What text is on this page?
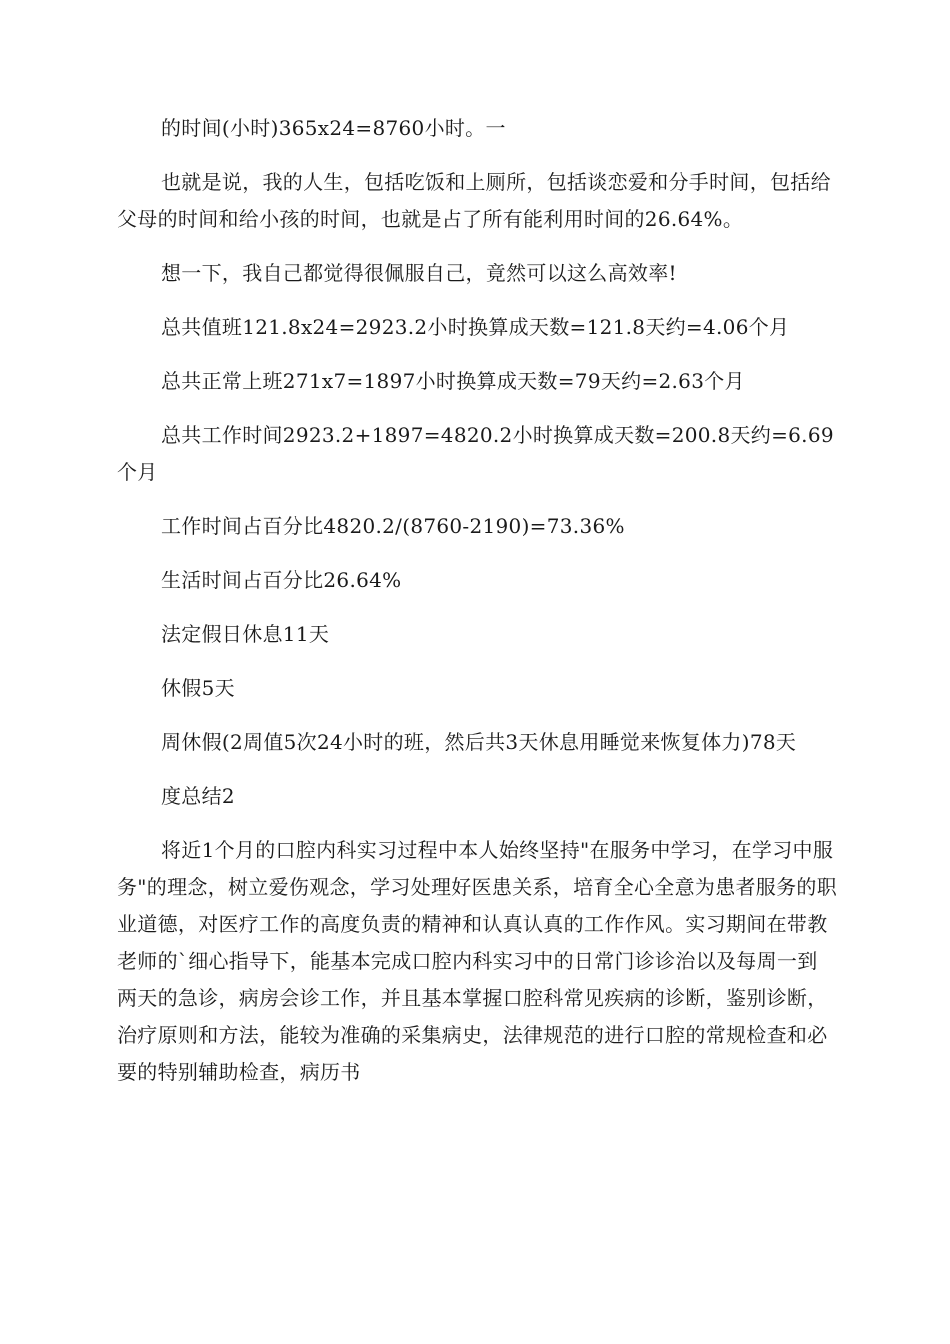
的时间(小时)365x24=8760小时。一

也就是说，我的人生，包括吃饭和上厕所，包括谈恋爱和分手时间，包括给父母的时间和给小孩的时间，也就是占了所有能利用时间的26.64%。

想一下，我自己都觉得很佩服自己，竟然可以这么高效率!

总共值班121.8x24=2923.2小时换算成天数=121.8天约=4.06个月

总共正常上班271x7=1897小时换算成天数=79天约=2.63个月

总共工作时间2923.2+1897=4820.2小时换算成天数=200.8天约=6.69个月

工作时间占百分比4820.2/(8760-2190)=73.36%

生活时间占百分比26.64%

法定假日休息11天

休假5天

周休假(2周值5次24小时的班，然后共3天休息用睡觉来恢复体力)78天

度总结2

将近1个月的口腔内科实习过程中本人始终坚持"在服务中学习，在学习中服务"的理念，树立爱伤观念，学习处理好医患关系，培育全心全意为患者服务的职业道德，对医疗工作的高度负责的精神和认真认真的工作作风。实习期间在带教老师的`细心指导下，能基本完成口腔内科实习中的日常门诊诊治以及每周一到两天的急诊，病房会诊工作，并且基本掌握口腔科常见疾病的诊断，鉴别诊断，治疗原则和方法，能较为准确的采集病史，法律规范的进行口腔的常规检查和必要的特别辅助检查，病历书
